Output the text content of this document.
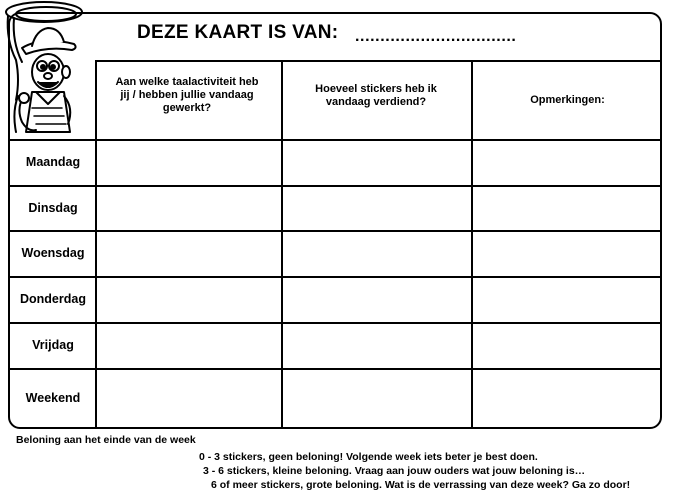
DEZE KAART IS VAN: ................................
Aan welke taalactiviteit heb jij / hebben jullie vandaag gewerkt?
Hoeveel stickers heb ik vandaag verdiend?	Opmerkingen:
Maandag
Dinsdag
Woensdag
Donderdag
Vrijdag
Weekend
Beloning aan het einde van de week
0 - 3 stickers, geen beloning! Volgende week iets beter je best doen.
3 - 6 stickers, kleine beloning. Vraag aan jouw ouders wat jouw beloning is…
6 of meer stickers, grote beloning. Wat is de verrassing van deze week? Ga zo door!
